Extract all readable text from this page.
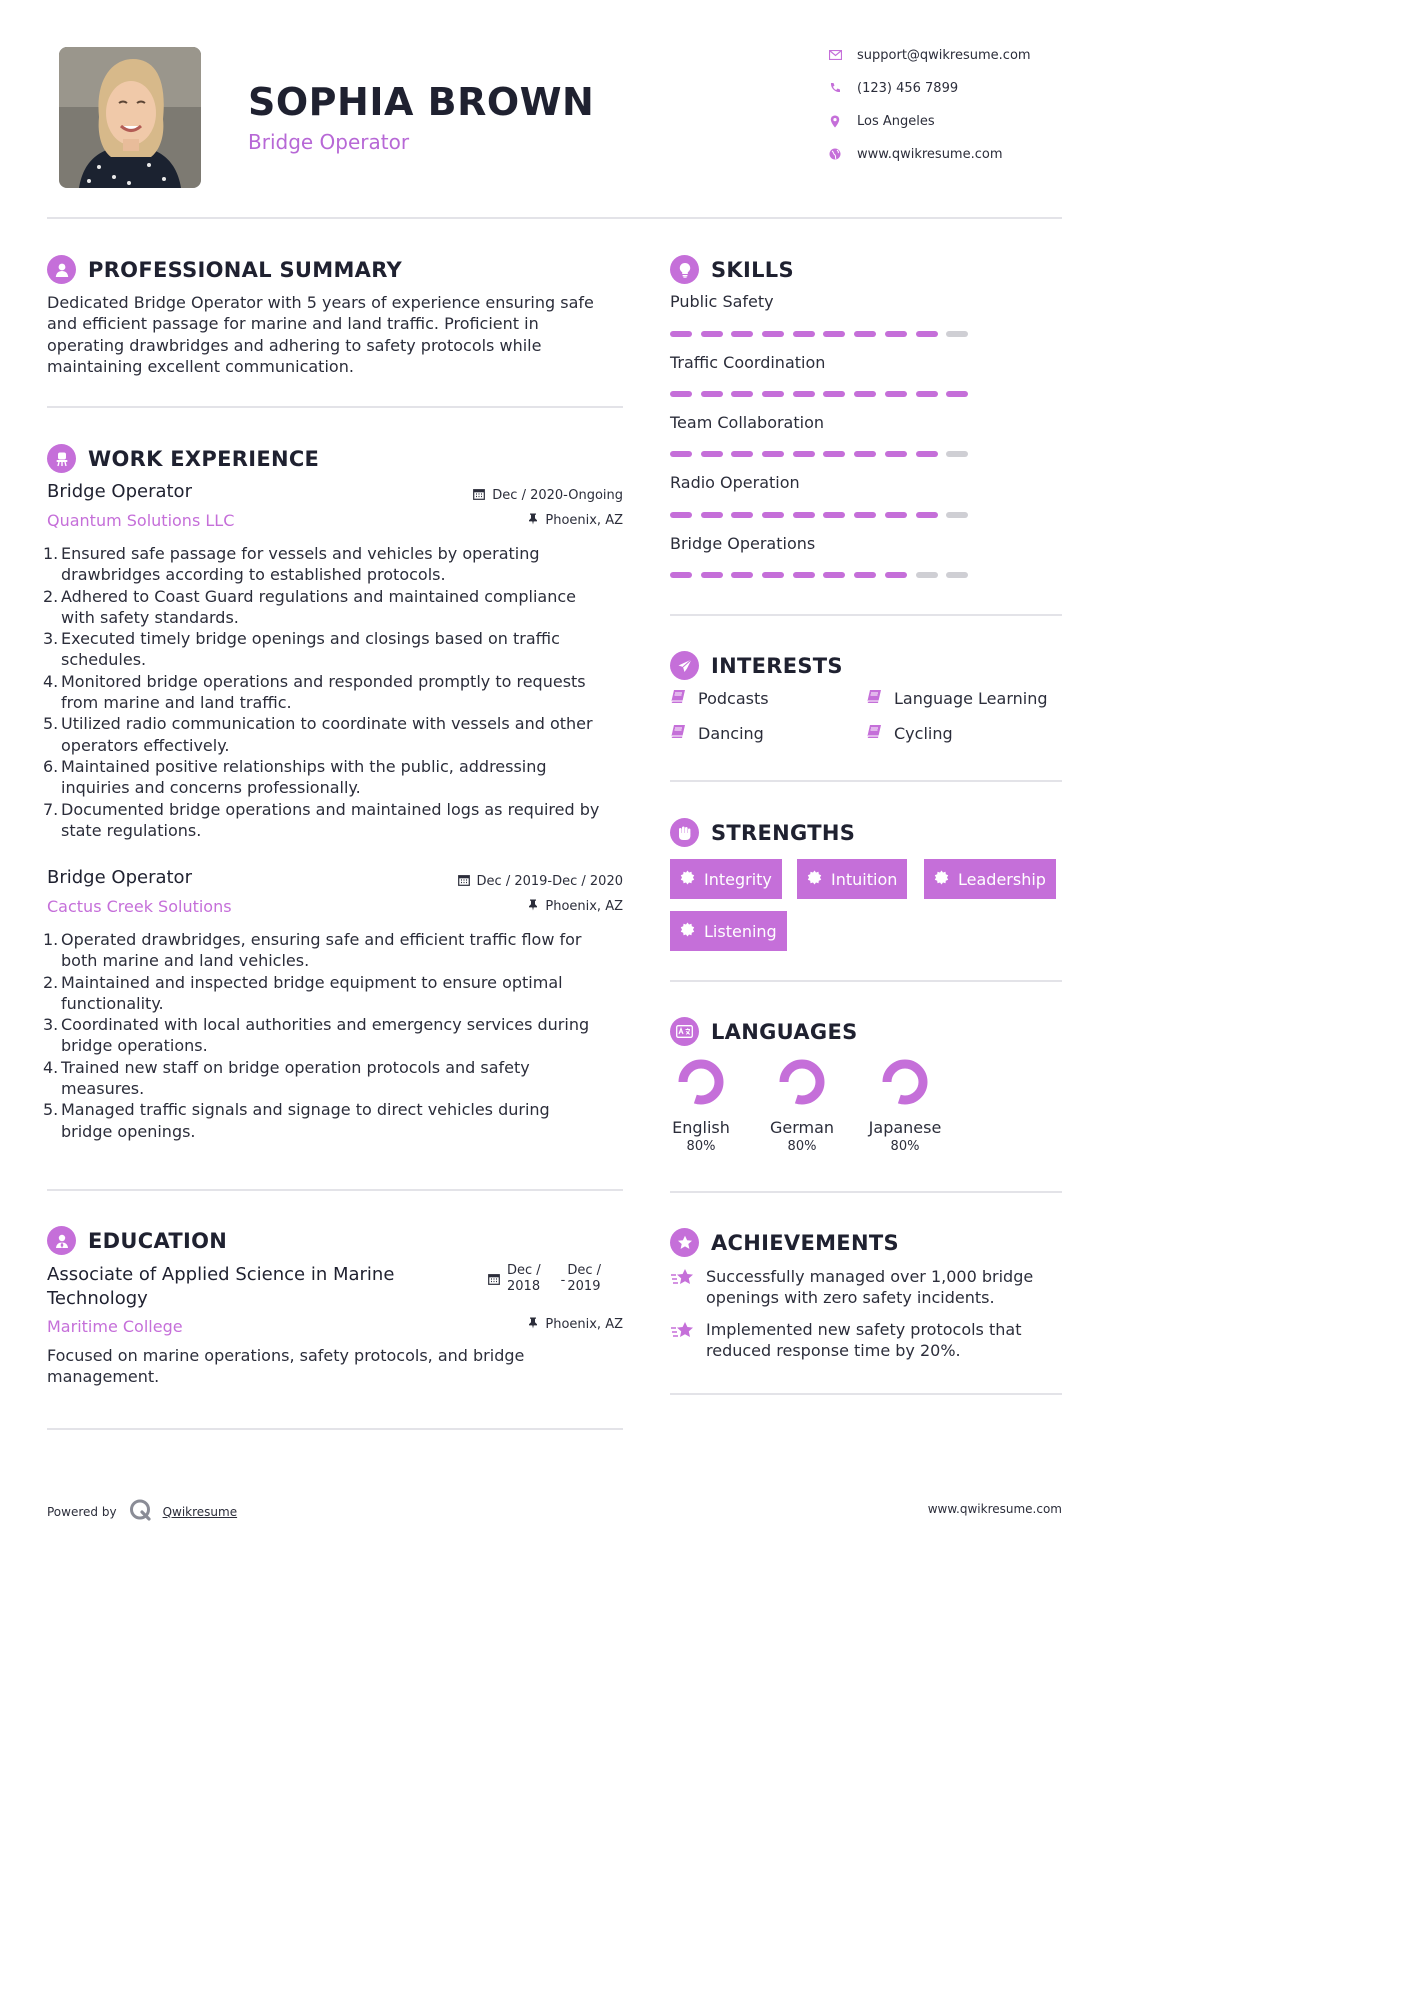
SOPHIA BROWN
Bridge Operator
support@qwikresume.com
(123) 456 7899
Los Angeles
www.qwikresume.com
PROFESSIONAL SUMMARY
Dedicated Bridge Operator with 5 years of experience ensuring safe
and efficient passage for marine and land traffic. Proficient in
operating drawbridges and adhering to safety protocols while
maintaining excellent communication.
WORK EXPERIENCE
Bridge Operator	Dec / 2020-Ongoing
Quantum Solutions LLC	Phoenix, AZ
1. Ensured safe passage for vessels and vehicles by operating
drawbridges according to established protocols.
2. Adhered to Coast Guard regulations and maintained compliance
with safety standards.
3. Executed timely bridge openings and closings based on traffic
schedules.
4. Monitored bridge operations and responded promptly to requests
from marine and land traffic.
5. Utilized radio communication to coordinate with vessels and other
operators effectively.
6. Maintained positive relationships with the public, addressing
inquiries and concerns professionally.
7. Documented bridge operations and maintained logs as required by
state regulations.
Bridge Operator	Dec / 2019-Dec / 2020
Cactus Creek Solutions	Phoenix, AZ
1. Operated drawbridges, ensuring safe and efficient traffic flow for
both marine and land vehicles.
2. Maintained and inspected bridge equipment to ensure optimal
functionality.
3. Coordinated with local authorities and emergency services during
bridge operations.
4. Trained new staff on bridge operation protocols and safety
measures.
5. Managed traffic signals and signage to direct vehicles during
bridge openings.
EDUCATION
Associate of Applied Science in Marine
Technology
Dec /
2018 -
Dec /
2019
Maritime College	Phoenix, AZ
Focused on marine operations, safety protocols, and bridge
management.
SKILLS
Public Safety
Traffic Coordination
Team Collaboration
Radio Operation
Bridge Operations
INTERESTS
Podcasts	Language Learning
Dancing	Cycling
STRENGTHS
Integrity	Intuition	Leadership
Listening
LANGUAGES
English
80%
German
80%
Japanese
80%
ACHIEVEMENTS
Successfully managed over 1,000 bridge
openings with zero safety incidents.
Implemented new safety protocols that
reduced response time by 20%.
Powered by	Qwikresume	www.qwikresume.com
